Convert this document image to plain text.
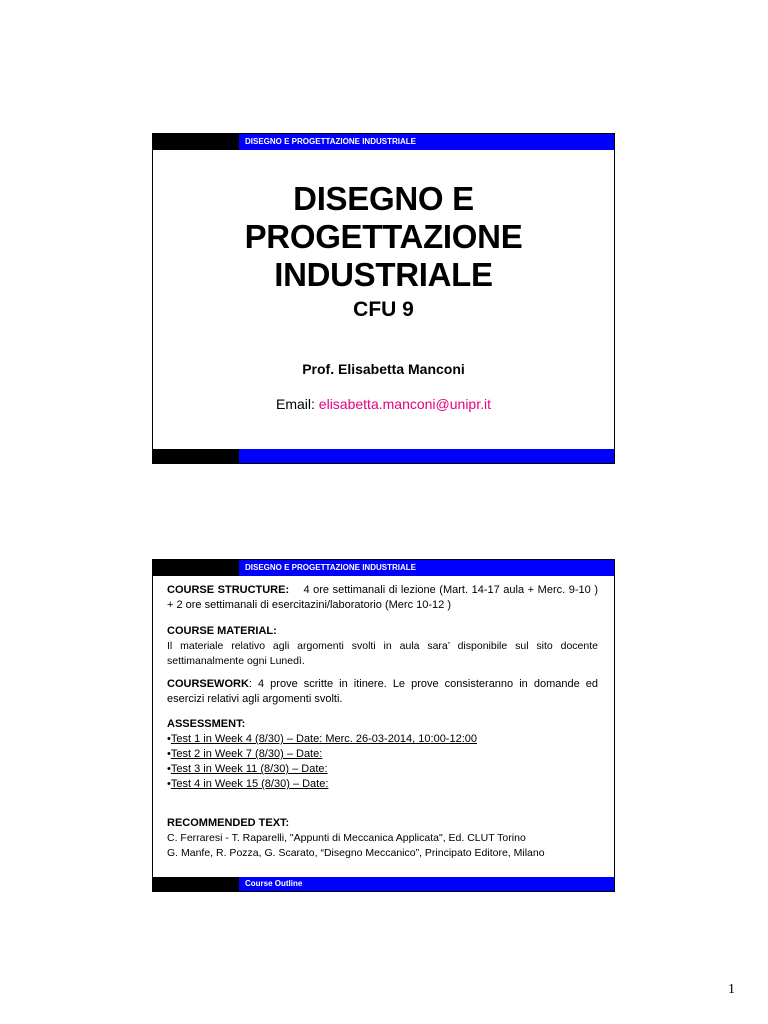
DISEGNO E PROGETTAZIONE INDUSTRIALE
DISEGNO E
PROGETTAZIONE
INDUSTRIALE
CFU 9
Prof. Elisabetta Manconi
Email: elisabetta.manconi@unipr.it
DISEGNO E PROGETTAZIONE INDUSTRIALE
COURSE STRUCTURE: 4 ore settimanali di lezione (Mart. 14-17 aula + Merc. 9-10 ) + 2 ore settimanali di esercitazini/laboratorio (Merc 10-12 )
COURSE MATERIAL:

Il materiale relativo agli argomenti svolti in aula sara’ disponibile sul sito docente settimanalmente ogni Lunedì.
COURSEWORK: 4 prove scritte in itinere. Le prove consisteranno in domande ed esercizi relativi agli argomenti svolti.
ASSESSMENT:

•Test 1 in Week 4 (8/30) – Date: Merc. 26-03-2014, 10:00-12:00
•Test 2 in Week 7 (8/30) – Date:
•Test 3 in Week 11 (8/30) – Date:
•Test 4 in Week 15 (8/30) – Date:
RECOMMENDED TEXT:

C. Ferraresi - T. Raparelli, "Appunti di Meccanica Applicata", Ed. CLUT Torino
G. Manfe, R. Pozza, G. Scarato, “Disegno Meccanico”, Principato Editore, Milano
Course Outline
1
